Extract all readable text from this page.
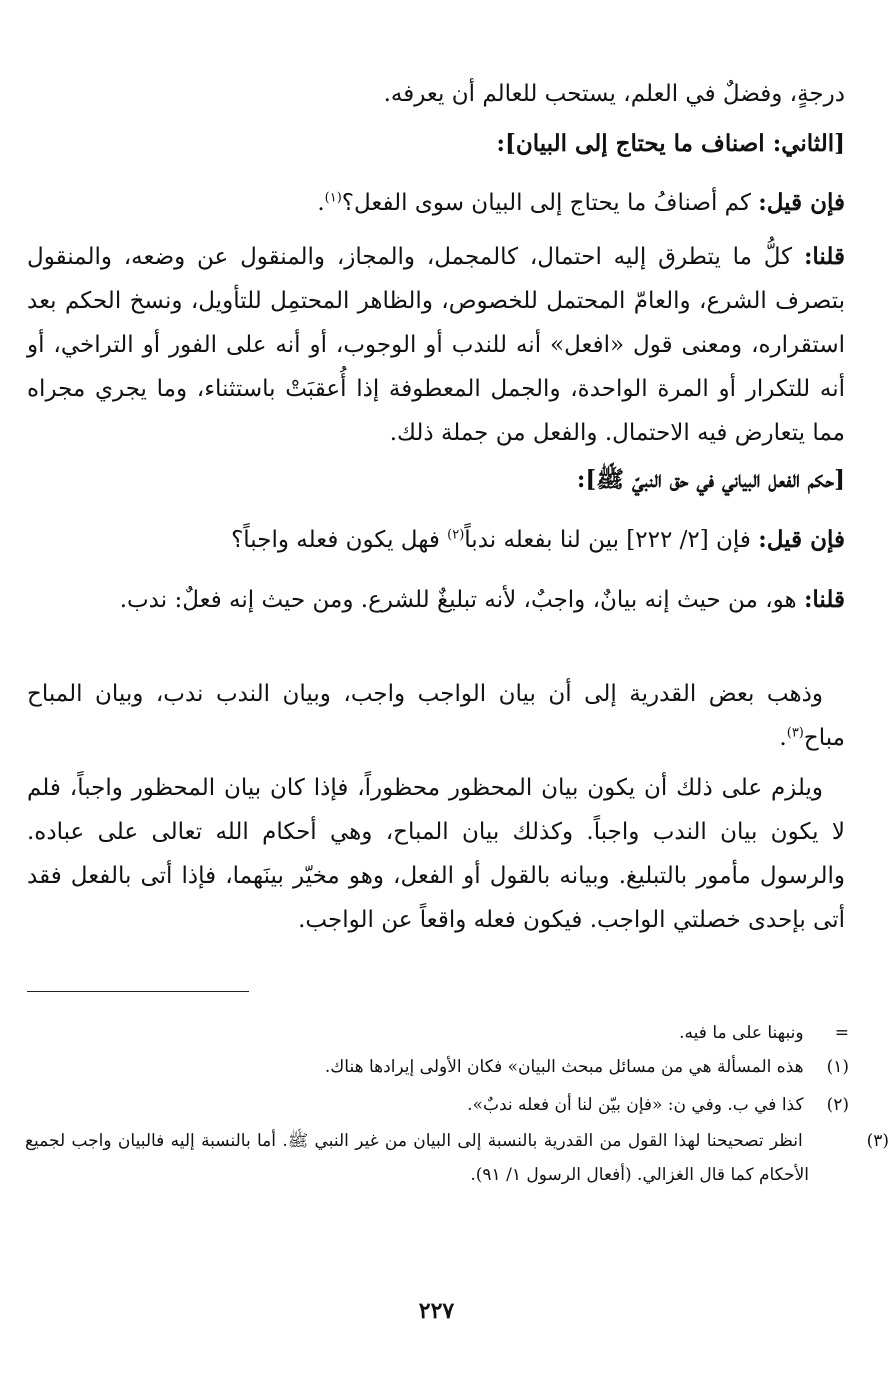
درجةٍ، وفضلٌ في العلم، يستحب للعالم أن يعرفه.

[الثاني: اصناف ما يحتاج إلى البيان]:

فإن قيل: كم أصنافُ ما يحتاج إلى البيان سوى الفعل؟$^{(١)}$.

قلنا: كلُّ ما يتطرق إليه احتمال، كالمجمل، والمجاز، والمنقول عن وضعه، والمنقول بتصرف الشرع، والعامّ المحتمل للخصوص، والظاهر المحتمِل للتأويل، ونسخ الحكم بعد استقراره، ومعنى قول «افعل» أنه للندب أو الوجوب، أو أنه على الفور أو التراخي، أو أنه للتكرار أو المرة الواحدة، والجمل المعطوفة إذا أُعقبَتْ باستثناء، وما يجري مجراه مما يتعارض فيه الاحتمال. والفعل من جملة ذلك.

[حكم الفعل البياني في حق النبيّ ﷺ]:

فإن قيل: فإن [٢/ ٢٢٢] بين لنا بفعله ندباً$^{(٢)}$ فهل يكون فعله واجباً؟

قلنا: هو، من حيث إنه بيانٌ، واجبٌ، لأنه تبليغٌ للشرع. ومن حيث إنه فعلٌ: ندب.

وذهب بعض القدرية إلى أن بيان الواجب واجب، وبيان الندب ندب، وبيان المباح مباح$^{(٣)}$.

ويلزم على ذلك أن يكون بيان المحظور محظوراً، فإذا كان بيان المحظور واجباً، فلم لا يكون بيان الندب واجباً. وكذلك بيان المباح، وهي أحكام الله تعالى على عباده. والرسول مأمور بالتبليغ. وبيانه بالقول أو الفعل، وهو مخيّر بينَهما، فإذا أتى بالفعل فقد أتى بإحدى خصلتي الواجب. فيكون فعله واقعاً عن الواجب.

= ونبهنا على ما فيه.

(١) هذه المسألة هي من مسائل مبحث البيان» فكان الأولى إيرادها هناك.

(٢) كذا في ب. وفي ن: «فإن بيّن لنا أن فعله ندبٌ».

(٣) انظر تصحيحنا لهذا القول من القدرية بالنسبة إلى البيان من غير النبي ﷺ. أما بالنسبة إليه فالبيان واجب لجميع الأحكام كما قال الغزالي. (أفعال الرسول ١/ ٩١).

٢٢٧
